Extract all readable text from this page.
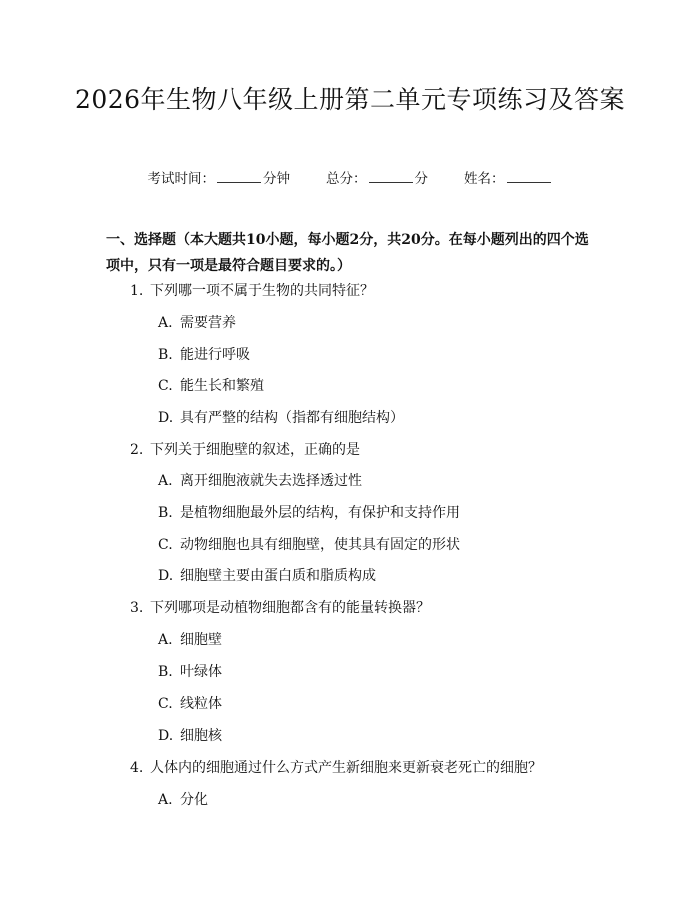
2026年生物八年级上册第二单元专项练习及答案
考试时间：	分钟	总分：	分	姓名：
一、选择题（本大题共10小题，每小题2分，共20分。在每小题列出的四个选项中，只有一项是最符合题目要求的。）
1. 下列哪一项不属于生物的共同特征？
A. 需要营养
B. 能进行呼吸
C. 能生长和繁殖
D. 具有严整的结构（指都有细胞结构）
2. 下列关于细胞壁的叙述，正确的是
A. 离开细胞液就失去选择透过性
B. 是植物细胞最外层的结构，有保护和支持作用
C. 动物细胞也具有细胞壁，使其具有固定的形状
D. 细胞壁主要由蛋白质和脂质构成
3. 下列哪项是动植物细胞都含有的能量转换器？
A. 细胞壁
B. 叶绿体
C. 线粒体
D. 细胞核
4. 人体内的细胞通过什么方式产生新细胞来更新衰老死亡的细胞？
A. 分化
